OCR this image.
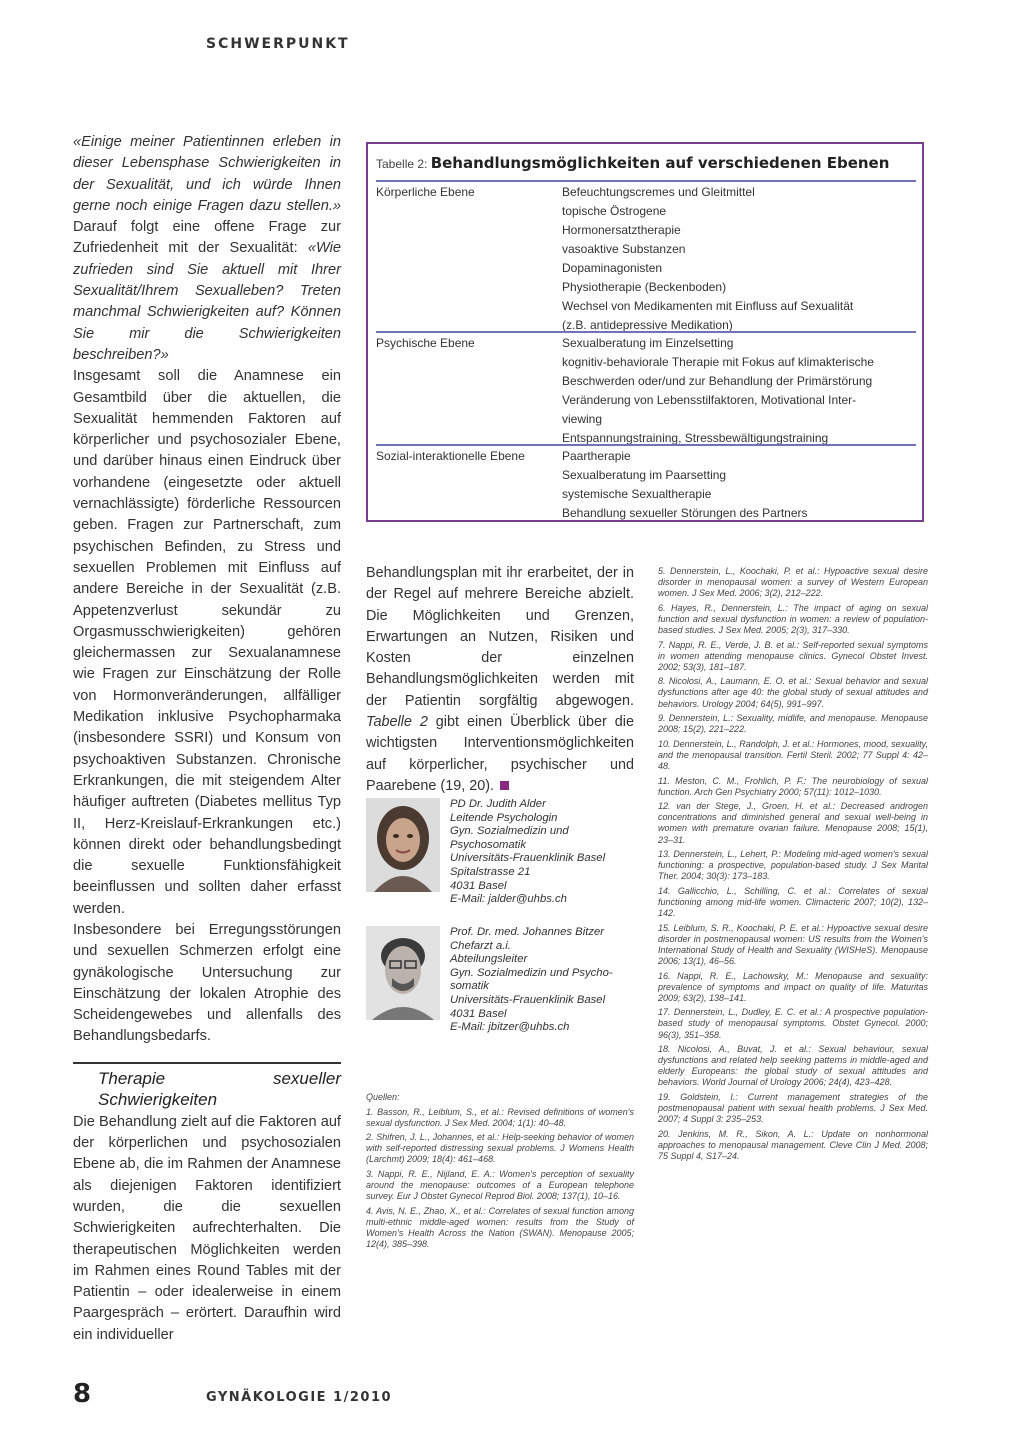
SCHWERPUNKT

«Einige meiner Patientinnen erleben in dieser Lebensphase Schwierigkeiten in der Sexualität, und ich würde Ihnen gerne noch einige Fragen dazu stellen.» Darauf folgt eine offene Frage zur Zufriedenheit mit der Sexualität: «Wie zufrieden sind Sie aktuell mit Ihrer Sexualität/Ihrem Sexualleben? Treten manchmal Schwierigkeiten auf? Können Sie mir die Schwierigkeiten beschreiben?»

Insgesamt soll die Anamnese ein Gesamtbild über die aktuellen, die Sexualität hemmenden Faktoren auf körperlicher und psychosozialer Ebene, und darüber hinaus einen Eindruck über vorhandene (eingesetzte oder aktuell vernachlässigte) förderliche Ressourcen geben. Fragen zur Partnerschaft, zum psychischen Befinden, zu Stress und sexuellen Problemen mit Einfluss auf andere Bereiche in der Sexualität (z.B. Appetenzverlust sekundär zu Orgasmusschwierigkeiten) gehören gleichermassen zur Sexualanamnese wie Fragen zur Einschätzung der Rolle von Hormonveränderungen, allfälliger Medikation inklusive Psychopharmaka (insbesondere SSRI) und Konsum von psychoaktiven Substanzen. Chronische Erkrankungen, die mit steigendem Alter häufiger auftreten (Diabetes mellitus Typ II, Herz-Kreislauf-Erkrankungen etc.) können direkt oder behandlungsbedingt die sexuelle Funktionsfähigkeit beeinflussen und sollten daher erfasst werden.

Insbesondere bei Erregungsstörungen und sexuellen Schmerzen erfolgt eine gynäkologische Untersuchung zur Einschätzung der lokalen Atrophie des Scheidengewebes und allenfalls des Behandlungsbedarfs.

Therapie sexueller Schwierigkeiten

Die Behandlung zielt auf die Faktoren auf der körperlichen und psychosozialen Ebene ab, die im Rahmen der Anamnese als diejenigen Faktoren identifiziert wurden, die die sexuellen Schwierigkeiten aufrechterhalten. Die therapeutischen Möglichkeiten werden im Rahmen eines Round Tables mit der Patientin – oder idealerweise in einem Paargespräch – erörtert. Daraufhin wird ein individueller

Tabelle 2: Behandlungsmöglichkeiten auf verschiedenen Ebenen
Körperliche Ebene	Befeuchtungscremes und Gleitmittel
topische Östrogene
Hormonersatztherapie
vasoaktive Substanzen
Dopaminagonisten
Physiotherapie (Beckenboden)
Wechsel von Medikamenten mit Einfluss auf Sexualität
(z.B. antidepressive Medikation)
Psychische Ebene	Sexualberatung im Einzelsetting
kognitiv-behaviorale Therapie mit Fokus auf klimakterische
Beschwerden oder/und zur Behandlung der Primärstörung
Veränderung von Lebensstilfaktoren, Motivational Inter-
viewing
Entspannungstraining, Stressbewältigungstraining
Sozial-interaktionelle Ebene	Paartherapie
Sexualberatung im Paarsetting
systemische Sexualtherapie
Behandlung sexueller Störungen des Partners

Behandlungsplan mit ihr erarbeitet, der in der Regel auf mehrere Bereiche abzielt. Die Möglichkeiten und Grenzen, Erwartungen an Nutzen, Risiken und Kosten der einzelnen Behandlungsmöglichkeiten werden mit der Patientin sorgfältig abgewogen. Tabelle 2 gibt einen Überblick über die wichtigsten Interventionsmöglichkeiten auf körperlicher, psychischer und Paarebene (19, 20).

PD Dr. Judith Alder
Leitende Psychologin
Gyn. Sozialmedizin und
Psychosomatik
Universitäts-Frauenklinik Basel
Spitalstrasse 21
4031 Basel
E-Mail: jalder@uhbs.ch
Prof. Dr. med. Johannes Bitzer
Chefarzt a.i.
Abteilungsleiter
Gyn. Sozialmedizin und Psycho-
somatik
Universitäts-Frauenklinik Basel
4031 Basel
E-Mail: jbitzer@uhbs.ch
Quellen:
1. Basson, R., Leiblum, S., et al.: Revised definitions of women's sexual dysfunction. J Sex Med. 2004; 1(1): 40–48.
2. Shifren, J. L., Johannes, et al.: Help-seeking behavior of women with self-reported distressing sexual problems. J Womens Health (Larchmt) 2009; 18(4): 461–468.
3. Nappi, R. E., Nijland, E. A.: Women's perception of sexuality around the menopause: outcomes of a European telephone survey. Eur J Obstet Gynecol Reprod Biol. 2008; 137(1), 10–16.
4. Avis, N. E., Zhao, X., et al.: Correlates of sexual function among multi-ethnic middle-aged women: results from the Study of Women's Health Across the Nation (SWAN). Menopause 2005; 12(4), 385–398.
5. Dennerstein, L., Koochaki, P. et al.: Hypoactive sexual desire disorder in menopausal women: a survey of Western European women. J Sex Med. 2006; 3(2), 212–222.
6. Hayes, R., Dennerstein, L.: The impact of aging on sexual function and sexual dysfunction in women: a review of population-based studies. J Sex Med. 2005; 2(3), 317–330.
7. Nappi, R. E., Verde, J. B. et al.: Self-reported sexual symptoms in women attending menopause clinics. Gynecol Obstet Invest. 2002; 53(3), 181–187.
8. Nicolosi, A., Laumann, E. O. et al.: Sexual behavior and sexual dysfunctions after age 40: the global study of sexual attitudes and behaviors. Urology 2004; 64(5), 991–997.
9. Dennerstein, L.: Sexuality, midlife, and menopause. Menopause 2008; 15(2), 221–222.
10. Dennerstein, L., Randolph, J. et al.: Hormones, mood, sexuality, and the menopausal transition. Fertil Steril. 2002; 77 Suppl 4: 42–48.
11. Meston, C. M., Frohlich, P. F.: The neurobiology of sexual function. Arch Gen Psychiatry 2000; 57(11): 1012–1030.
12. van der Stege, J., Groen, H. et al.: Decreased androgen concentrations and diminished general and sexual well-being in women with premature ovarian failure. Menopause 2008; 15(1), 23–31.
13. Dennerstein, L., Lehert, P.: Modeling mid-aged women's sexual functioning: a prospective, population-based study. J Sex Marital Ther. 2004; 30(3): 173–183.
14. Gallicchio, L., Schilling, C. et al.: Correlates of sexual functioning among mid-life women. Climacteric 2007; 10(2), 132–142.
15. Leiblum, S. R., Koochaki, P. E. et al.: Hypoactive sexual desire disorder in postmenopausal women: US results from the Women's International Study of Health and Sexuality (WISHeS). Menopause 2006; 13(1), 46–56.
16. Nappi, R. E., Lachowsky, M.: Menopause and sexuality: prevalence of symptoms and impact on quality of life. Maturitas 2009; 63(2), 138–141.
17. Dennerstein, L., Dudley, E. C. et al.: A prospective population-based study of menopausal symptoms. Obstet Gynecol. 2000; 96(3), 351–358.
18. Nicolosi, A., Buvat, J. et al.: Sexual behaviour, sexual dysfunctions and related help seeking patterns in middle-aged and elderly Europeans: the global study of sexual attitudes and behaviors. World Journal of Urology 2006; 24(4), 423–428.
19. Goldstein, I.: Current management strategies of the postmenopausal patient with sexual health problems. J Sex Med. 2007; 4 Suppl 3: 235–253.
20. Jenkins, M. R., Sikon, A. L.: Update on nonhormonal approaches to menopausal management. Cleve Clin J Med. 2008; 75 Suppl 4, S17–24.
8	GYNÄKOLOGIE 1/2010
